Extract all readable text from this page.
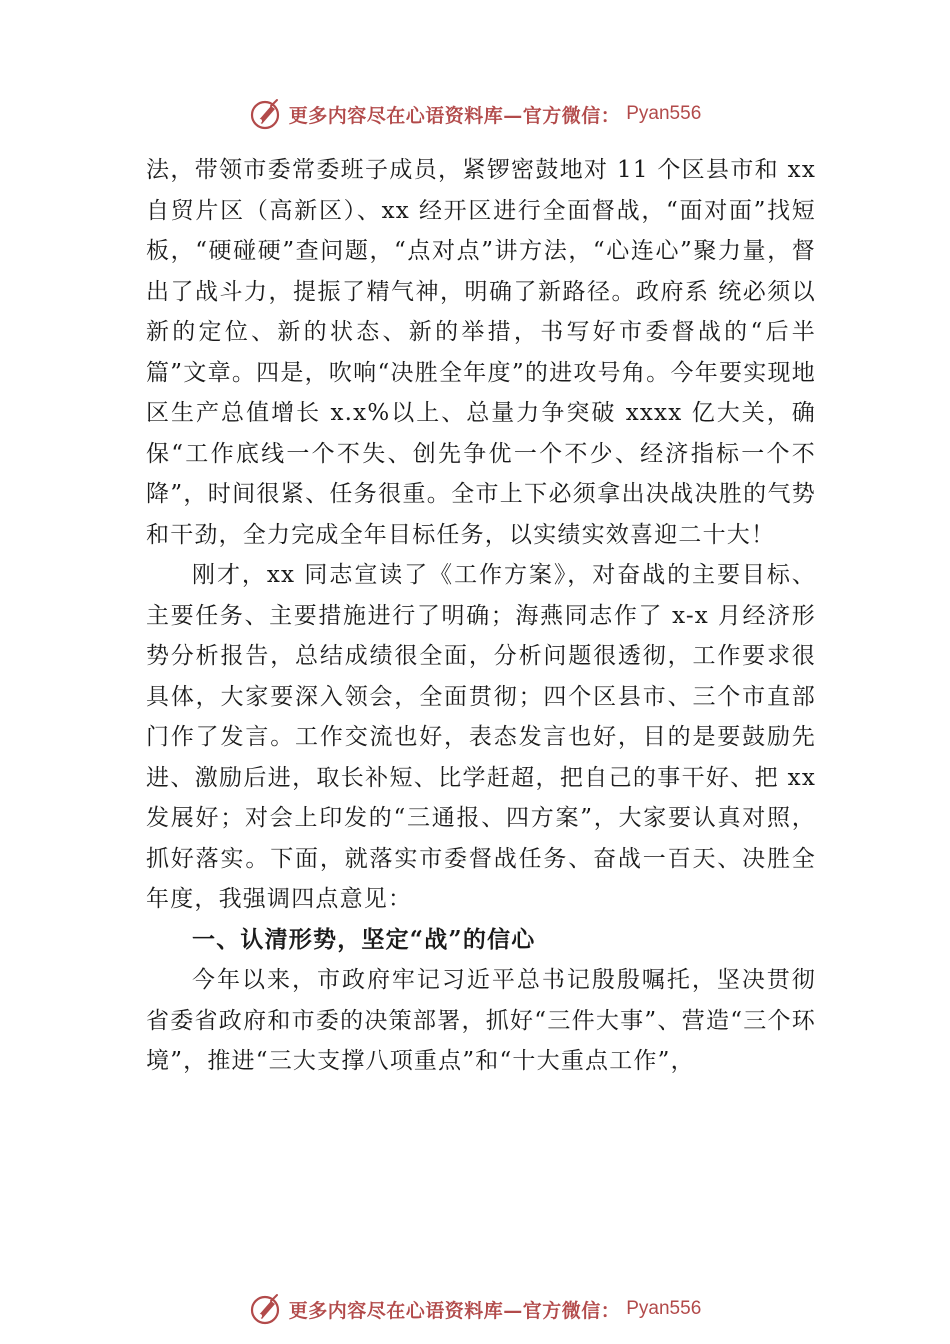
更多内容尽在心语资料库—官方微信： Pyan556

法，带领市委常委班子成员，紧锣密鼓地对 11 个区县市和 xx 自贸片区（高新区）、xx 经开区进行全面督战，“面对面”找短板，“硬碰硬”查问题，“点对点”讲方法，“心连心”聚力量，督出了战斗力，提振了精气神，明确了新路径。政府系 统必须以新的定位、新的状态、新的举措，书写好市委督战的“后半篇”文章。四是，吹响“决胜全年度”的进攻号角。今年要实现地区生产总值增长 x.x%以上、总量力争突破 xxxx 亿大关，确保“工作底线一个不失、创先争优一个不少、经济指标一个不降”，时间很紧、任务很重。全市上下必须拿出决战决胜的气势和干劲，全力完成全年目标任务，以实绩实效喜迎二十大！

刚才，xx 同志宣读了《工作方案》，对奋战的主要目标、主要任务、主要措施进行了明确；海燕同志作了 x-x 月经济形势分析报告，总结成绩很全面，分析问题很透彻，工作要求很具体，大家要深入领会，全面贯彻；四个区县市、三个市直部门作了发言。工作交流也好，表态发言也好，目的是要鼓励先进、激励后进，取长补短、比学赶超，把自己的事干好、把 xx 发展好；对会上印发的“三通报、四方案”，大家要认真对照，抓好落实。下面，就落实市委督战任务、奋战一百天、决胜全年度，我强调四点意见：

一、认清形势，坚定“战”的信心

今年以来，市政府牢记习近平总书记殷殷嘱托，坚决贯彻省委省政府和市委的决策部署，抓好“三件大事”、营造“三个环境”，推进“三大支撑八项重点”和“十大重点工作”，

更多内容尽在心语资料库—官方微信： Pyan556
